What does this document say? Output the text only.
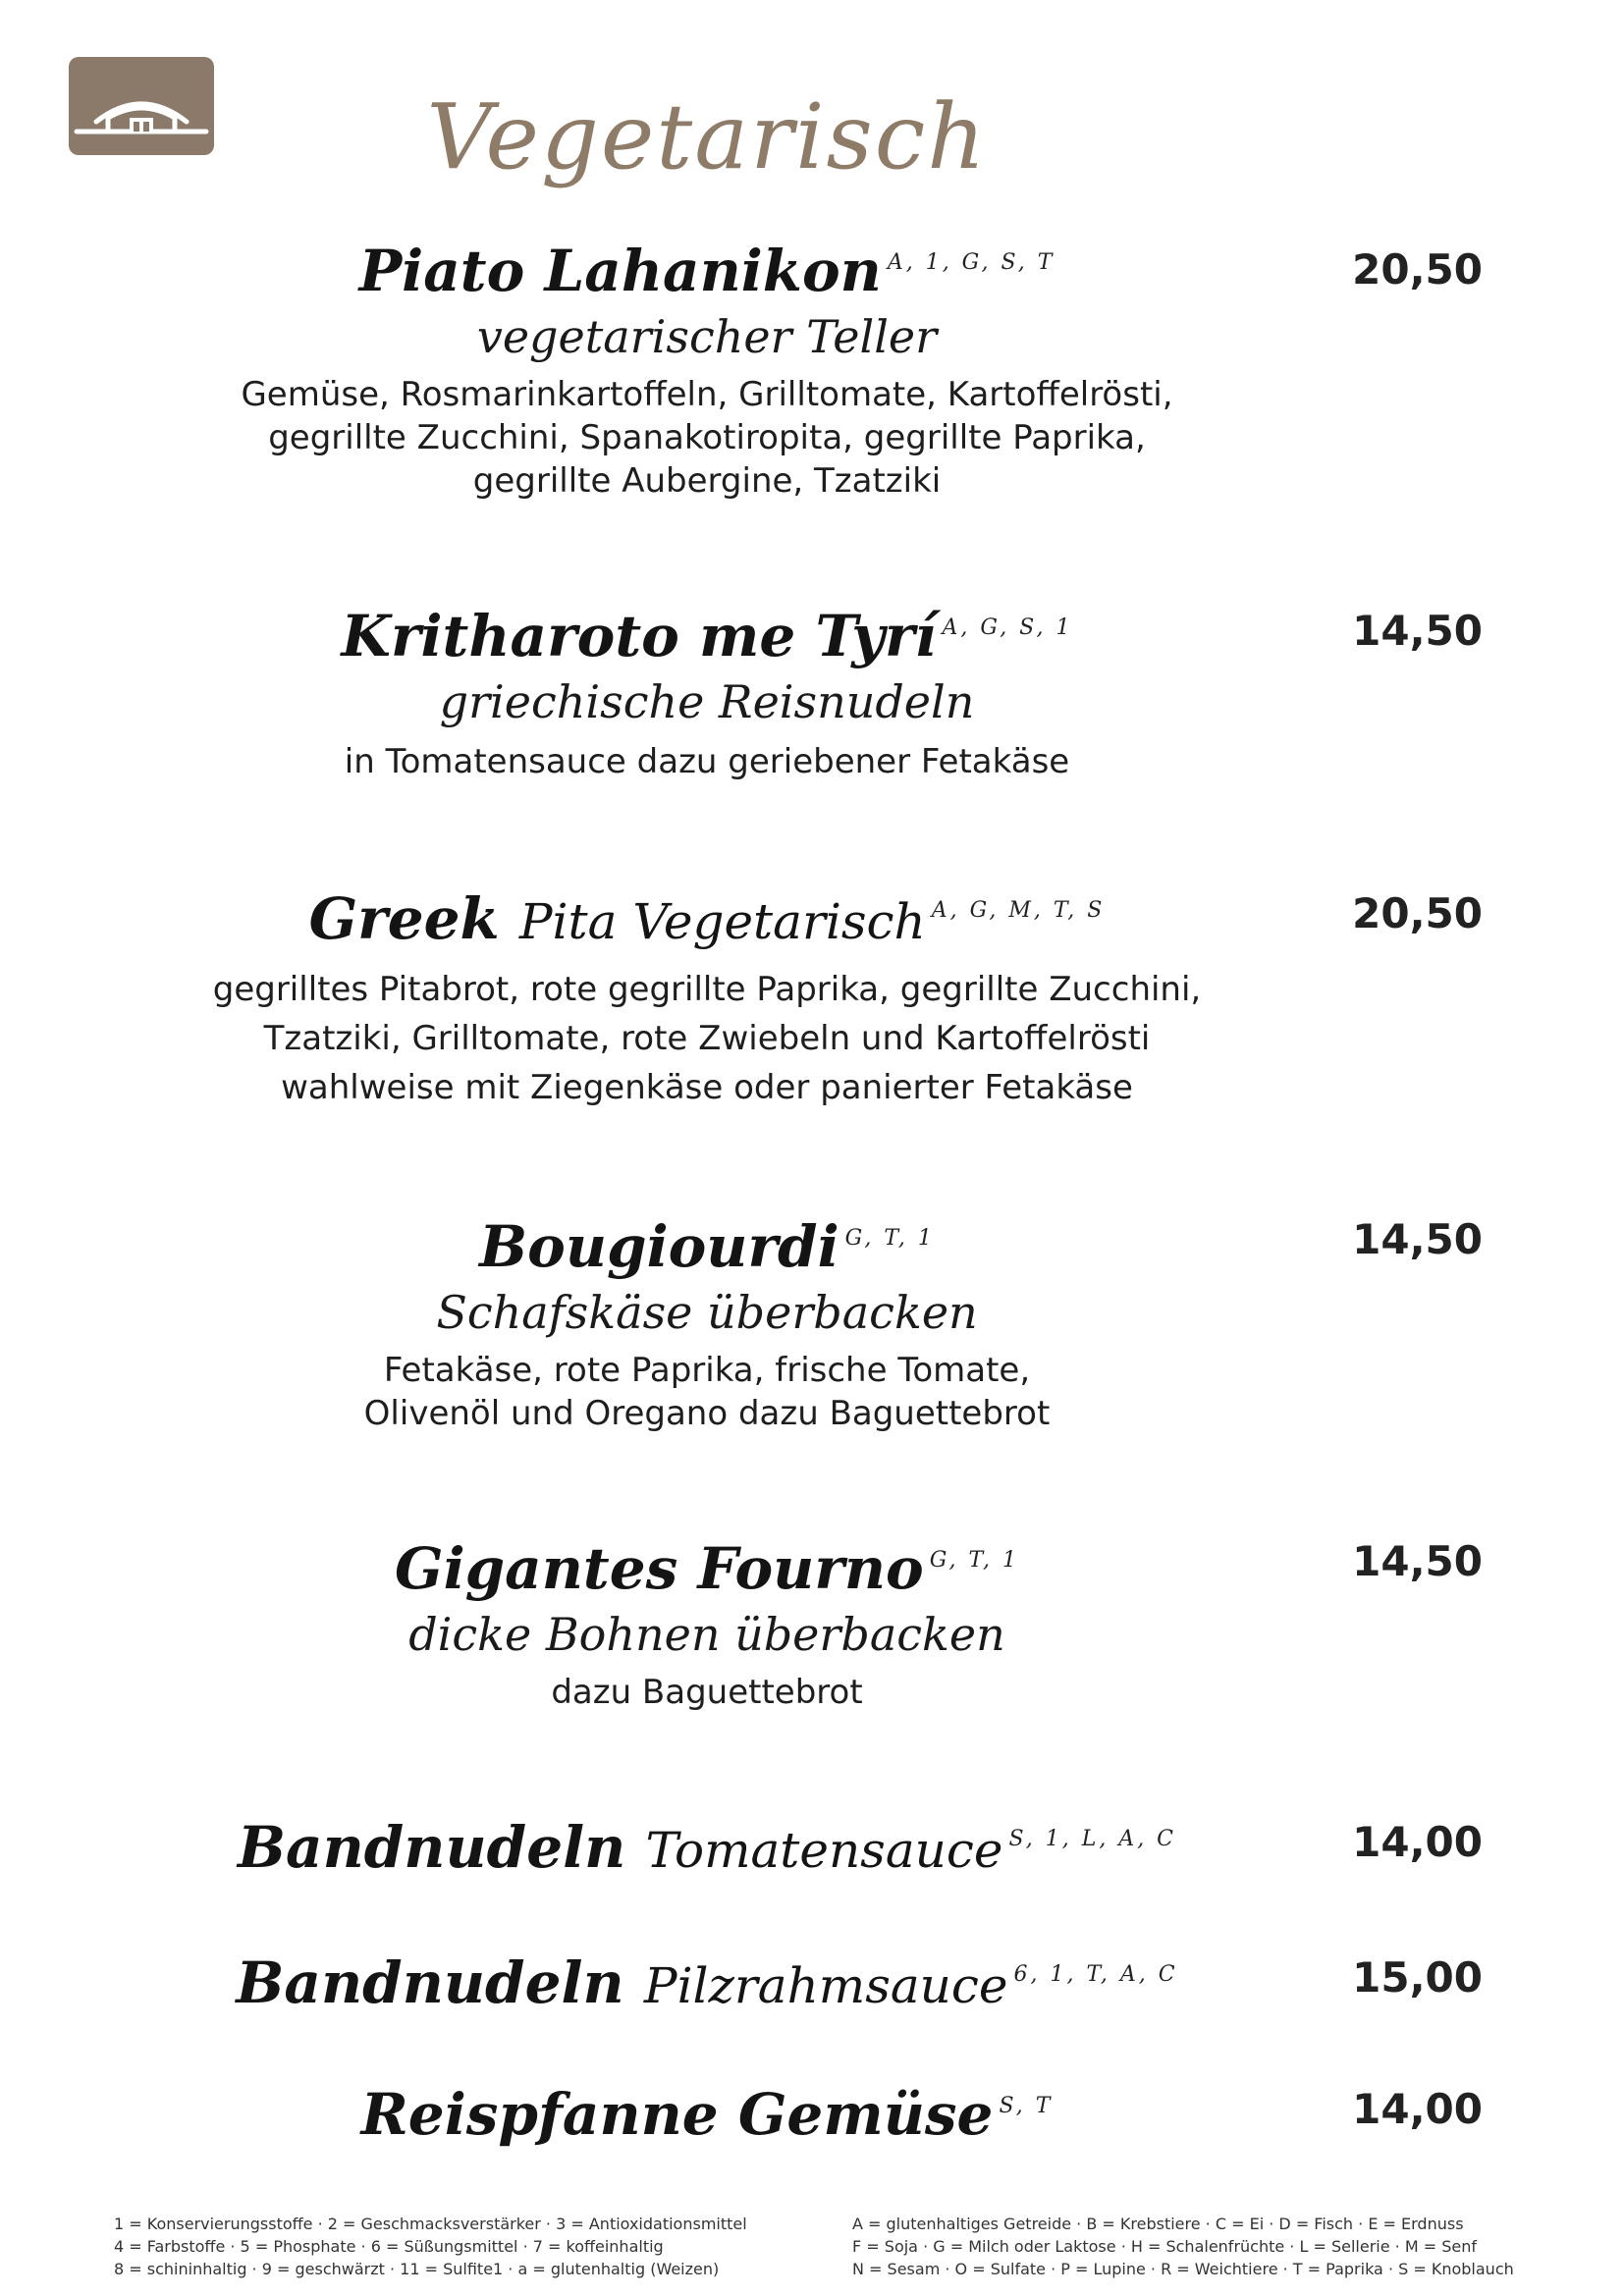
Vegetarisch
Piato Lahanikon $^{A, 1, G, S, T}$
vegetarischer Teller
Gemüse, Rosmarinkartoffeln, Grilltomate, Kartoffelrösti,
gegrillte Zucchini, Spanakotiropita, gegrillte Paprika,
gegrillte Aubergine, Tzatziki
20,50
Kritharoto me Tyrí $^{A, G, S, 1}$
griechische Reisnudeln
in Tomatensauce dazu geriebener Fetakäse
14,50
Greek Pita Vegetarisch $^{A, G, M, T, S}$
gegrilltes Pitabrot, rote gegrillte Paprika, gegrillte Zucchini,
Tzatziki, Grilltomate, rote Zwiebeln und Kartoffelrösti
wahlweise mit Ziegenkäse oder panierter Fetakäse
20,50
Bougiourdi $^{G, T, 1}$
Schafskäse überbacken
Fetakäse, rote Paprika, frische Tomate,
Olivenöl und Oregano dazu Baguettebrot
14,50
Gigantes Fourno $^{G, T, 1}$
dicke Bohnen überbacken
dazu Baguettebrot
14,50
Bandnudeln Tomatensauce $^{S, 1, L, A, C}$	14,00
Bandnudeln Pilzrahmsauce $^{6, 1, T, A, C}$	15,00
Reispfanne Gemüse $^{S, T}$	14,00
1 = Konservierungsstoffe · 2 = Geschmacksverstärker · 3 = Antioxidationsmittel
4 = Farbstoffe · 5 = Phosphate · 6 = Süßungsmittel · 7 = koffeinhaltig
8 = schininhaltig · 9 = geschwärzt · 11 = Sulfite1 · a = glutenhaltig (Weizen)
A = glutenhaltiges Getreide · B = Krebstiere · C = Ei · D = Fisch · E = Erdnuss
F = Soja · G = Milch oder Laktose · H = Schalenfrüchte · L = Sellerie · M = Senf
N = Sesam · O = Sulfate · P = Lupine · R = Weichtiere · T = Paprika · S = Knoblauch
